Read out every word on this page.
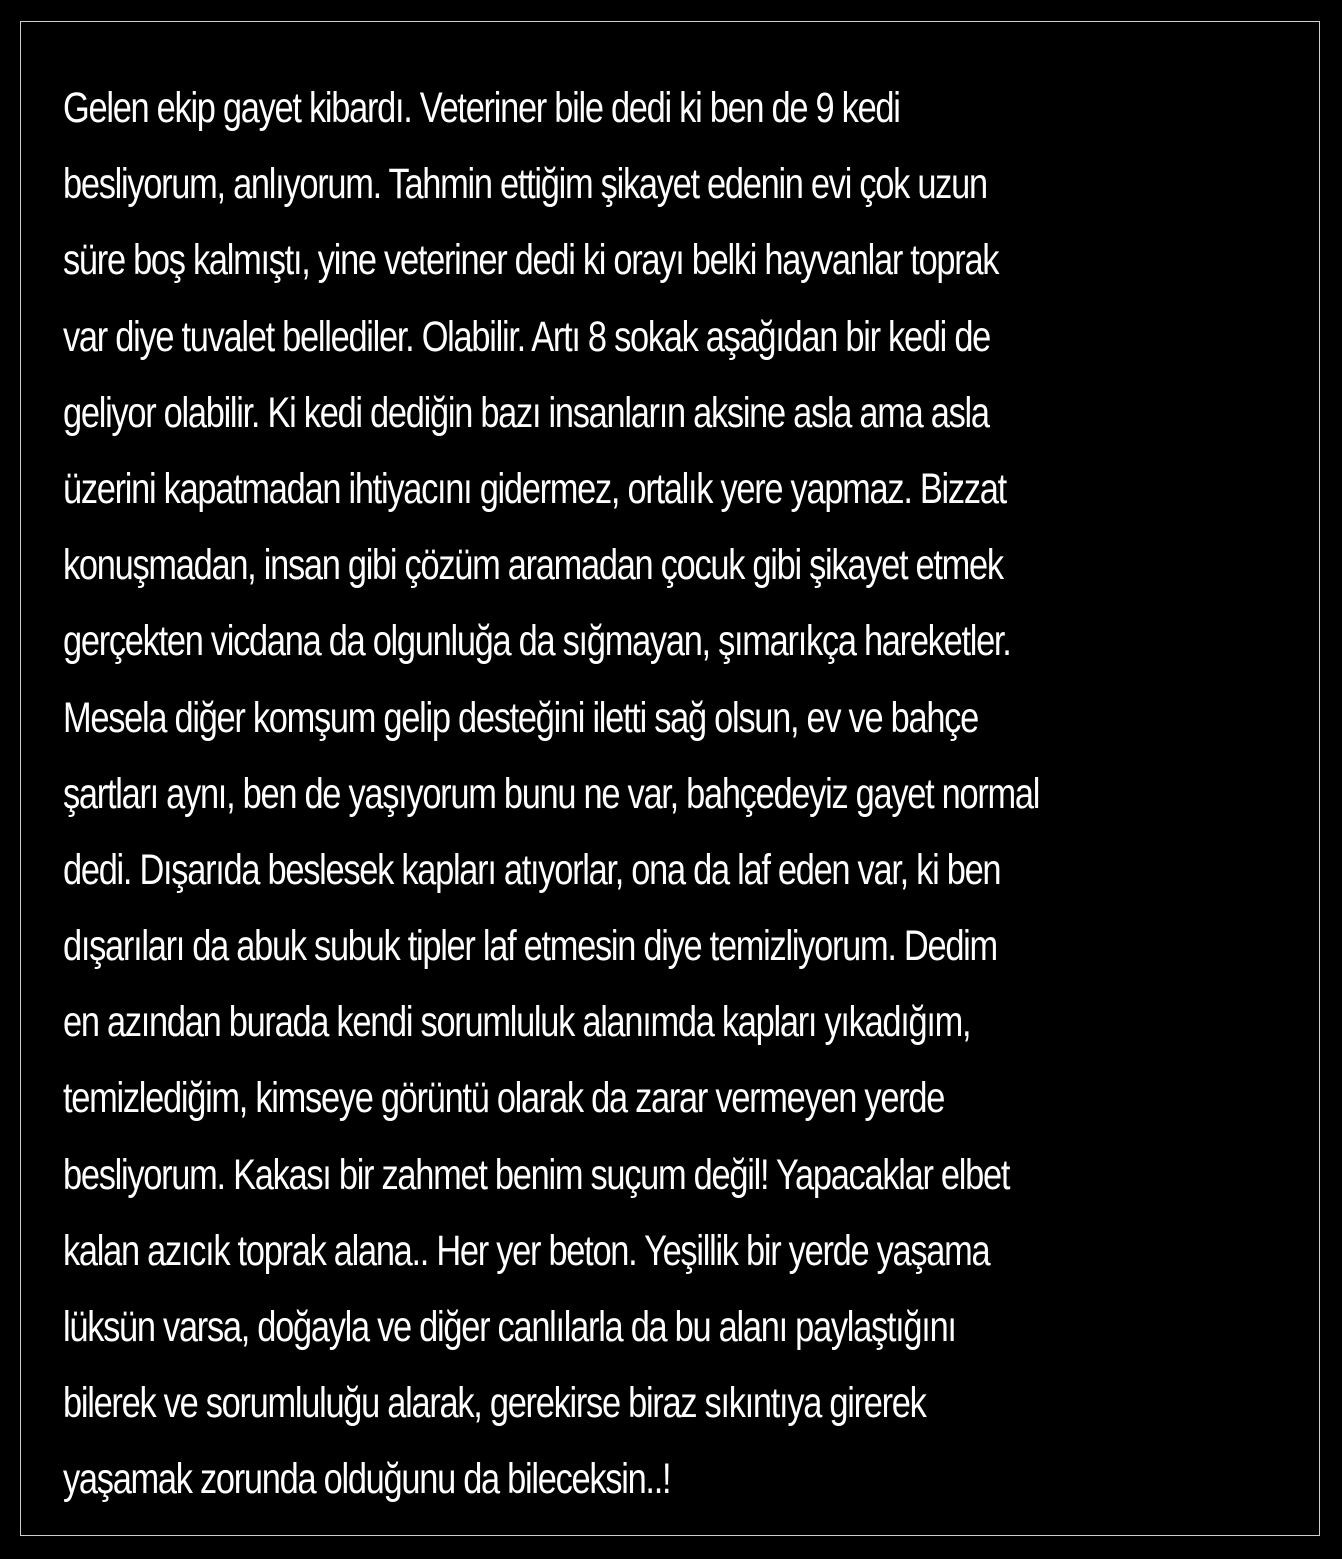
Gelen ekip gayet kibardı. Veteriner bile dedi ki ben de 9 kedi
besliyorum, anlıyorum. Tahmin ettiğim şikayet edenin evi çok uzun
süre boş kalmıştı, yine veteriner dedi ki orayı belki hayvanlar toprak
var diye tuvalet bellediler. Olabilir. Artı 8 sokak aşağıdan bir kedi de
geliyor olabilir. Ki kedi dediğin bazı insanların aksine asla ama asla
üzerini kapatmadan ihtiyacını gidermez, ortalık yere yapmaz. Bizzat
konuşmadan, insan gibi çözüm aramadan çocuk gibi şikayet etmek
gerçekten vicdana da olgunluğa da sığmayan, şımarıkça hareketler.
Mesela diğer komşum gelip desteğini iletti sağ olsun, ev ve bahçe
şartları aynı, ben de yaşıyorum bunu ne var, bahçedeyiz gayet normal
dedi. Dışarıda beslesek kapları atıyorlar, ona da laf eden var, ki ben
dışarıları da abuk subuk tipler laf etmesin diye temizliyorum. Dedim
en azından burada kendi sorumluluk alanımda kapları yıkadığım,
temizlediğim, kimseye görüntü olarak da zarar vermeyen yerde
besliyorum. Kakası bir zahmet benim suçum değil! Yapacaklar elbet
kalan azıcık toprak alana.. Her yer beton. Yeşillik bir yerde yaşama
lüksün varsa, doğayla ve diğer canlılarla da bu alanı paylaştığını
bilerek ve sorumluluğu alarak, gerekirse biraz sıkıntıya girerek
yaşamak zorunda olduğunu da bileceksin..!
